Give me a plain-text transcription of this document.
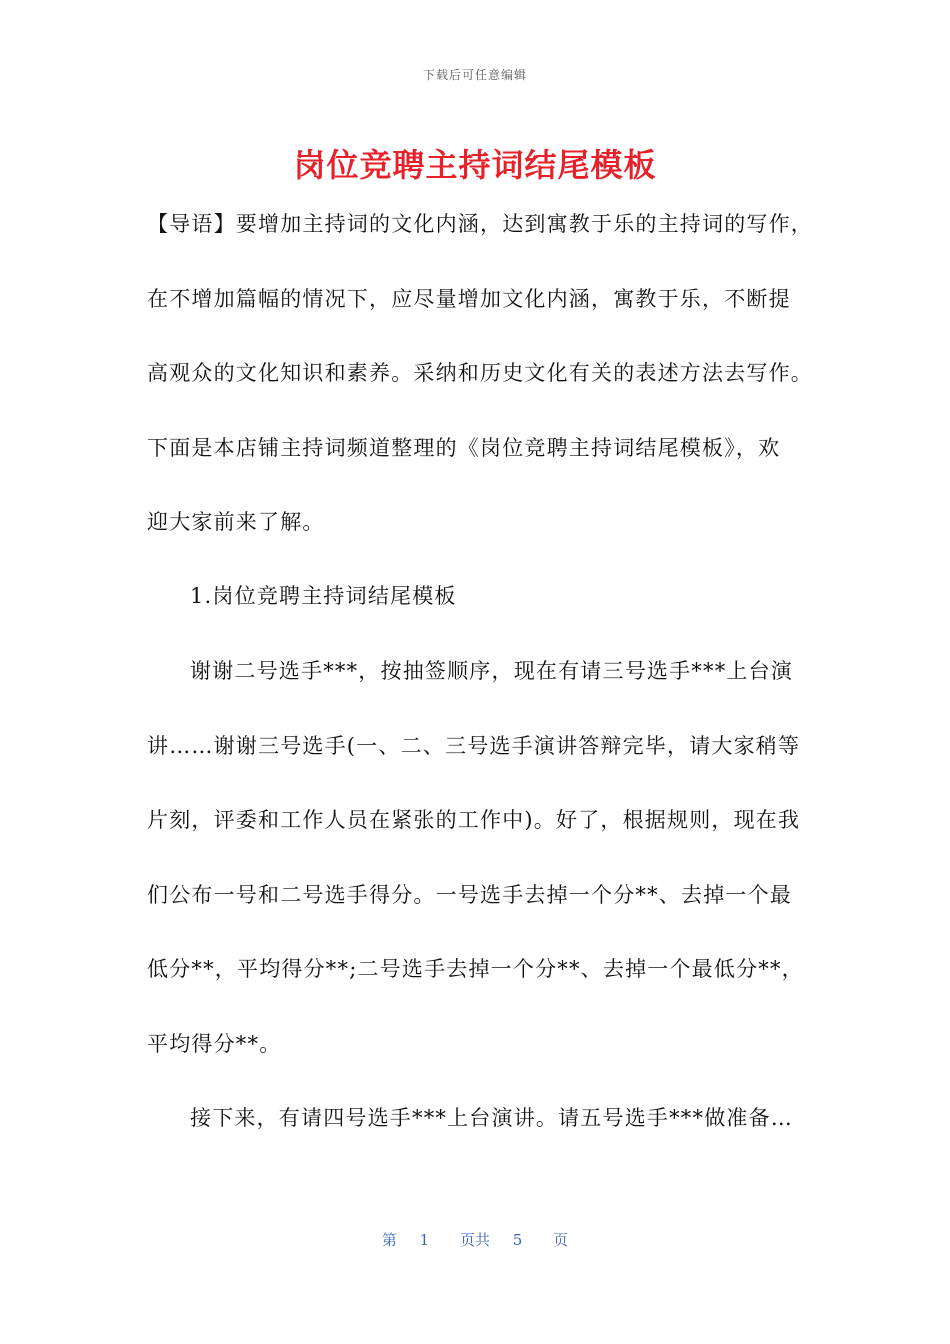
下载后可任意编辑
岗位竞聘主持词结尾模板
【导语】要增加主持词的文化内涵，达到寓教于乐的主持词的写作，
在不增加篇幅的情况下，应尽量增加文化内涵，寓教于乐，不断提
高观众的文化知识和素养。采纳和历史文化有关的表述方法去写作。
下面是本店铺主持词频道整理的《岗位竞聘主持词结尾模板》，欢
迎大家前来了解。
1.岗位竞聘主持词结尾模板
谢谢二号选手***，按抽签顺序，现在有请三号选手***上台演
讲……谢谢三号选手(一、二、三号选手演讲答辩完毕，请大家稍等
片刻，评委和工作人员在紧张的工作中)。好了，根据规则，现在我
们公布一号和二号选手得分。一号选手去掉一个分**、去掉一个最
低分**，平均得分**;二号选手去掉一个分**、去掉一个最低分**，
平均得分**。
接下来，有请四号选手***上台演讲。请五号选手***做准备…
第 1 页共 5 页
